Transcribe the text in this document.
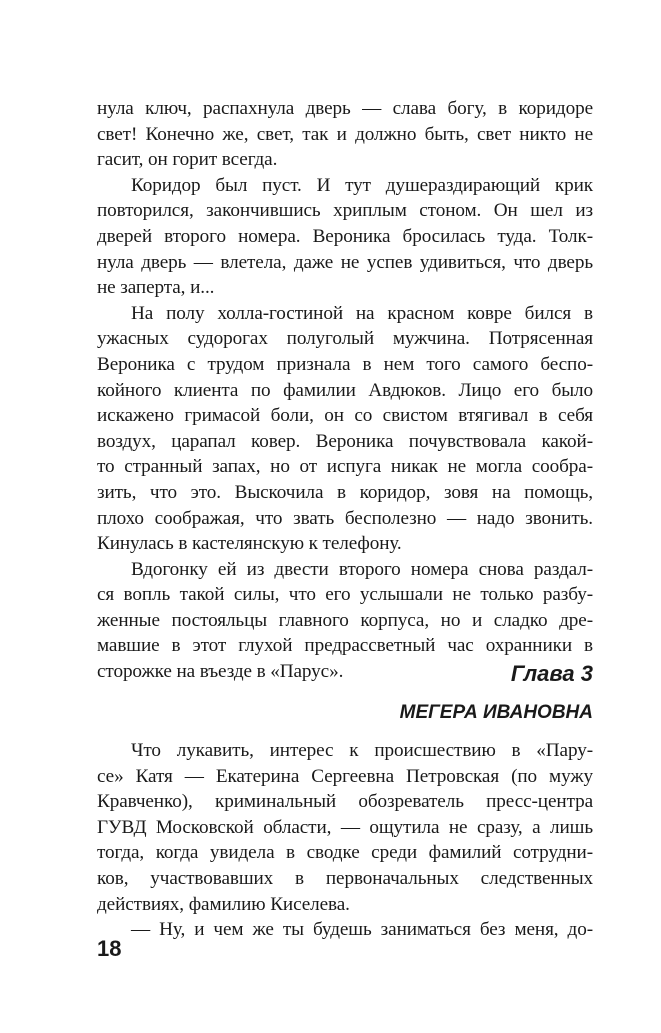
нула ключ, распахнула дверь — слава богу, в коридоре
свет! Конечно же, свет, так и должно быть, свет никто не
гасит, он горит всегда.

Коридор был пуст. И тут душераздирающий крик
повторился, закончившись хриплым стоном. Он шел из
дверей второго номера. Вероника бросилась туда. Толк-
нула дверь — влетела, даже не успев удивиться, что дверь
не заперта, и...

На полу холла-гостиной на красном ковре бился в
ужасных судорогах полуголый мужчина. Потрясенная
Вероника с трудом признала в нем того самого беспо-
койного клиента по фамилии Авдюков. Лицо его было
искажено гримасой боли, он со свистом втягивал в себя
воздух, царапал ковер. Вероника почувствовала какой-
то странный запах, но от испуга никак не могла сообра-
зить, что это. Выскочила в коридор, зовя на помощь,
плохо соображая, что звать бесполезно — надо звонить.
Кинулась в кастелянскую к телефону.

Вдогонку ей из двести второго номера снова раздал-
ся вопль такой силы, что его услышали не только разбу-
женные постояльцы главного корпуса, но и сладко дре-
мавшие в этот глухой предрассветный час охранники в
сторожке на въезде в «Парус».	Глава 3
МЕГЕРА ИВАНОВНА

Что лукавить, интерес к происшествию в «Пару-
се» Катя — Екатерина Сергеевна Петровская (по мужу
Кравченко), криминальный обозреватель пресс-центра
ГУВД Московской области, — ощутила не сразу, а лишь
тогда, когда увидела в сводке среди фамилий сотрудни-
ков, участвовавших в первоначальных следственных
действиях, фамилию Киселева.

— Ну, и чем же ты будешь заниматься без меня, до-

18
